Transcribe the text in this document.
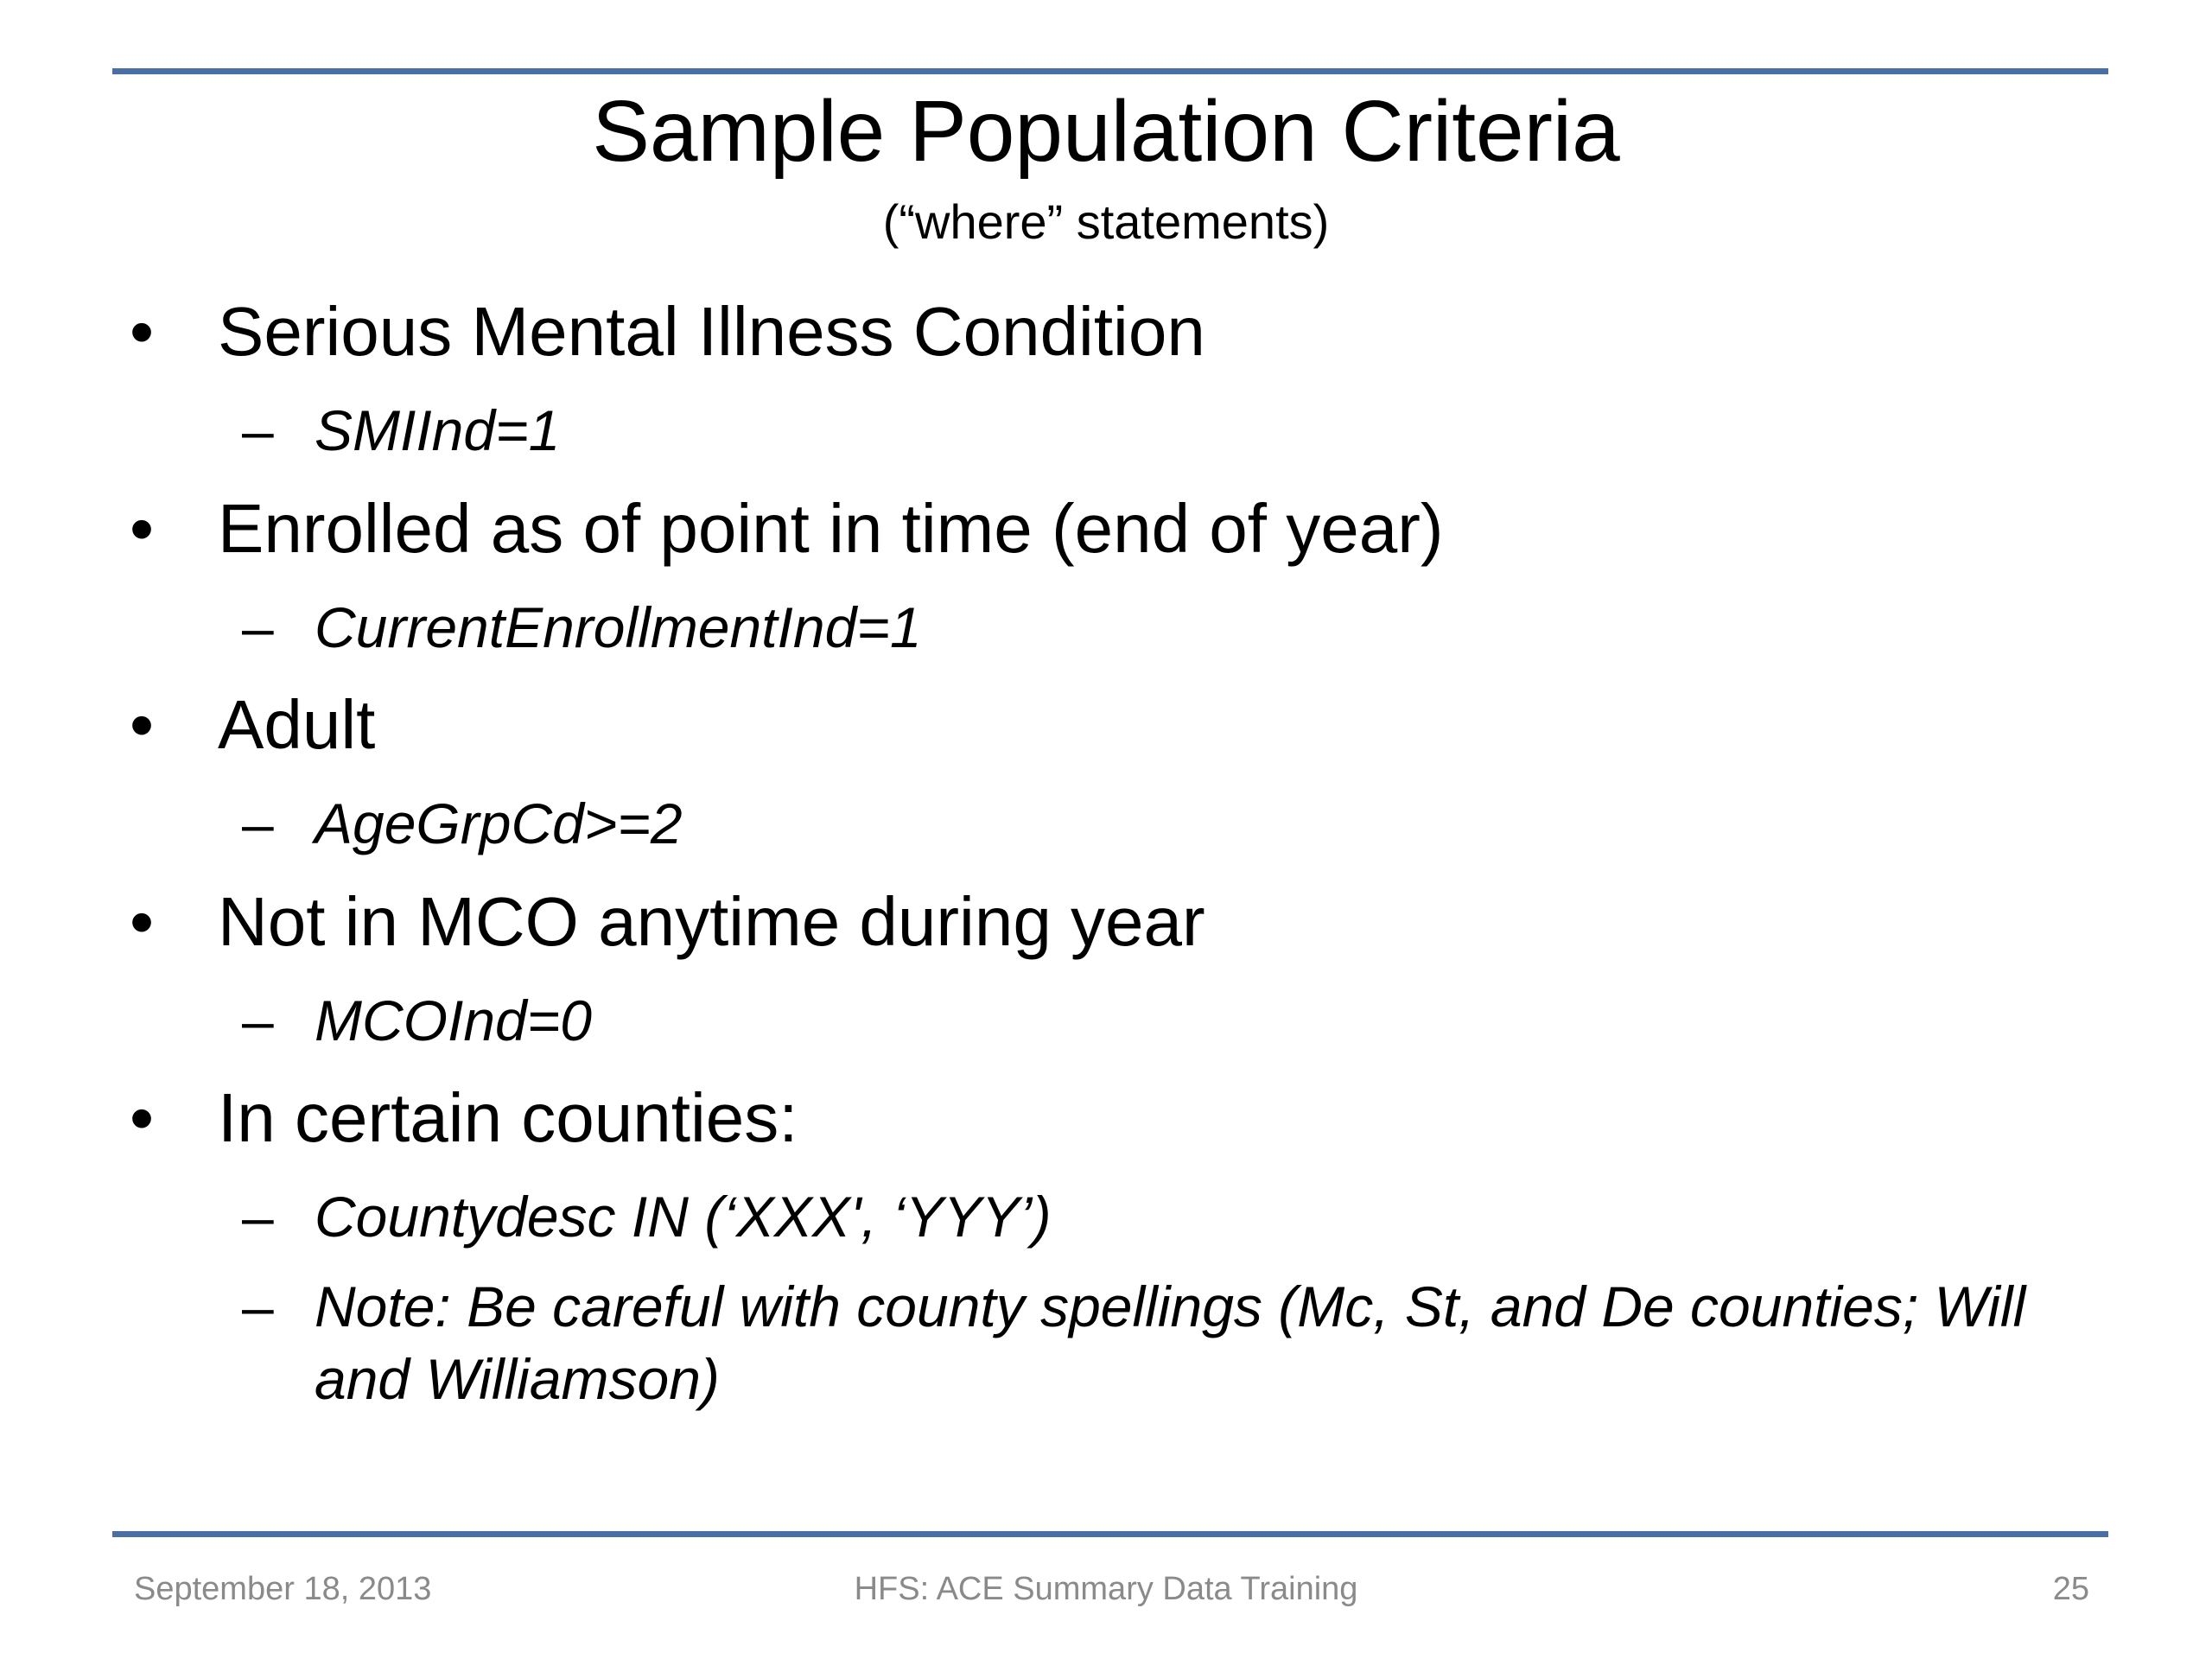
Sample Population Criteria
(“where” statements)
• Serious Mental Illness Condition
– SMIInd=1
• Enrolled as of point in time (end of year)
– CurrentEnrollmentInd=1
• Adult
– AgeGrpCd>=2
• Not in MCO anytime during year
– MCOInd=0
• In certain counties:
– Countydesc IN (‘XXX', ‘YYY’)
– Note: Be careful with county spellings (Mc, St, and De counties; Will and Williamson)
September 18, 2013	HFS: ACE Summary Data Training	25
